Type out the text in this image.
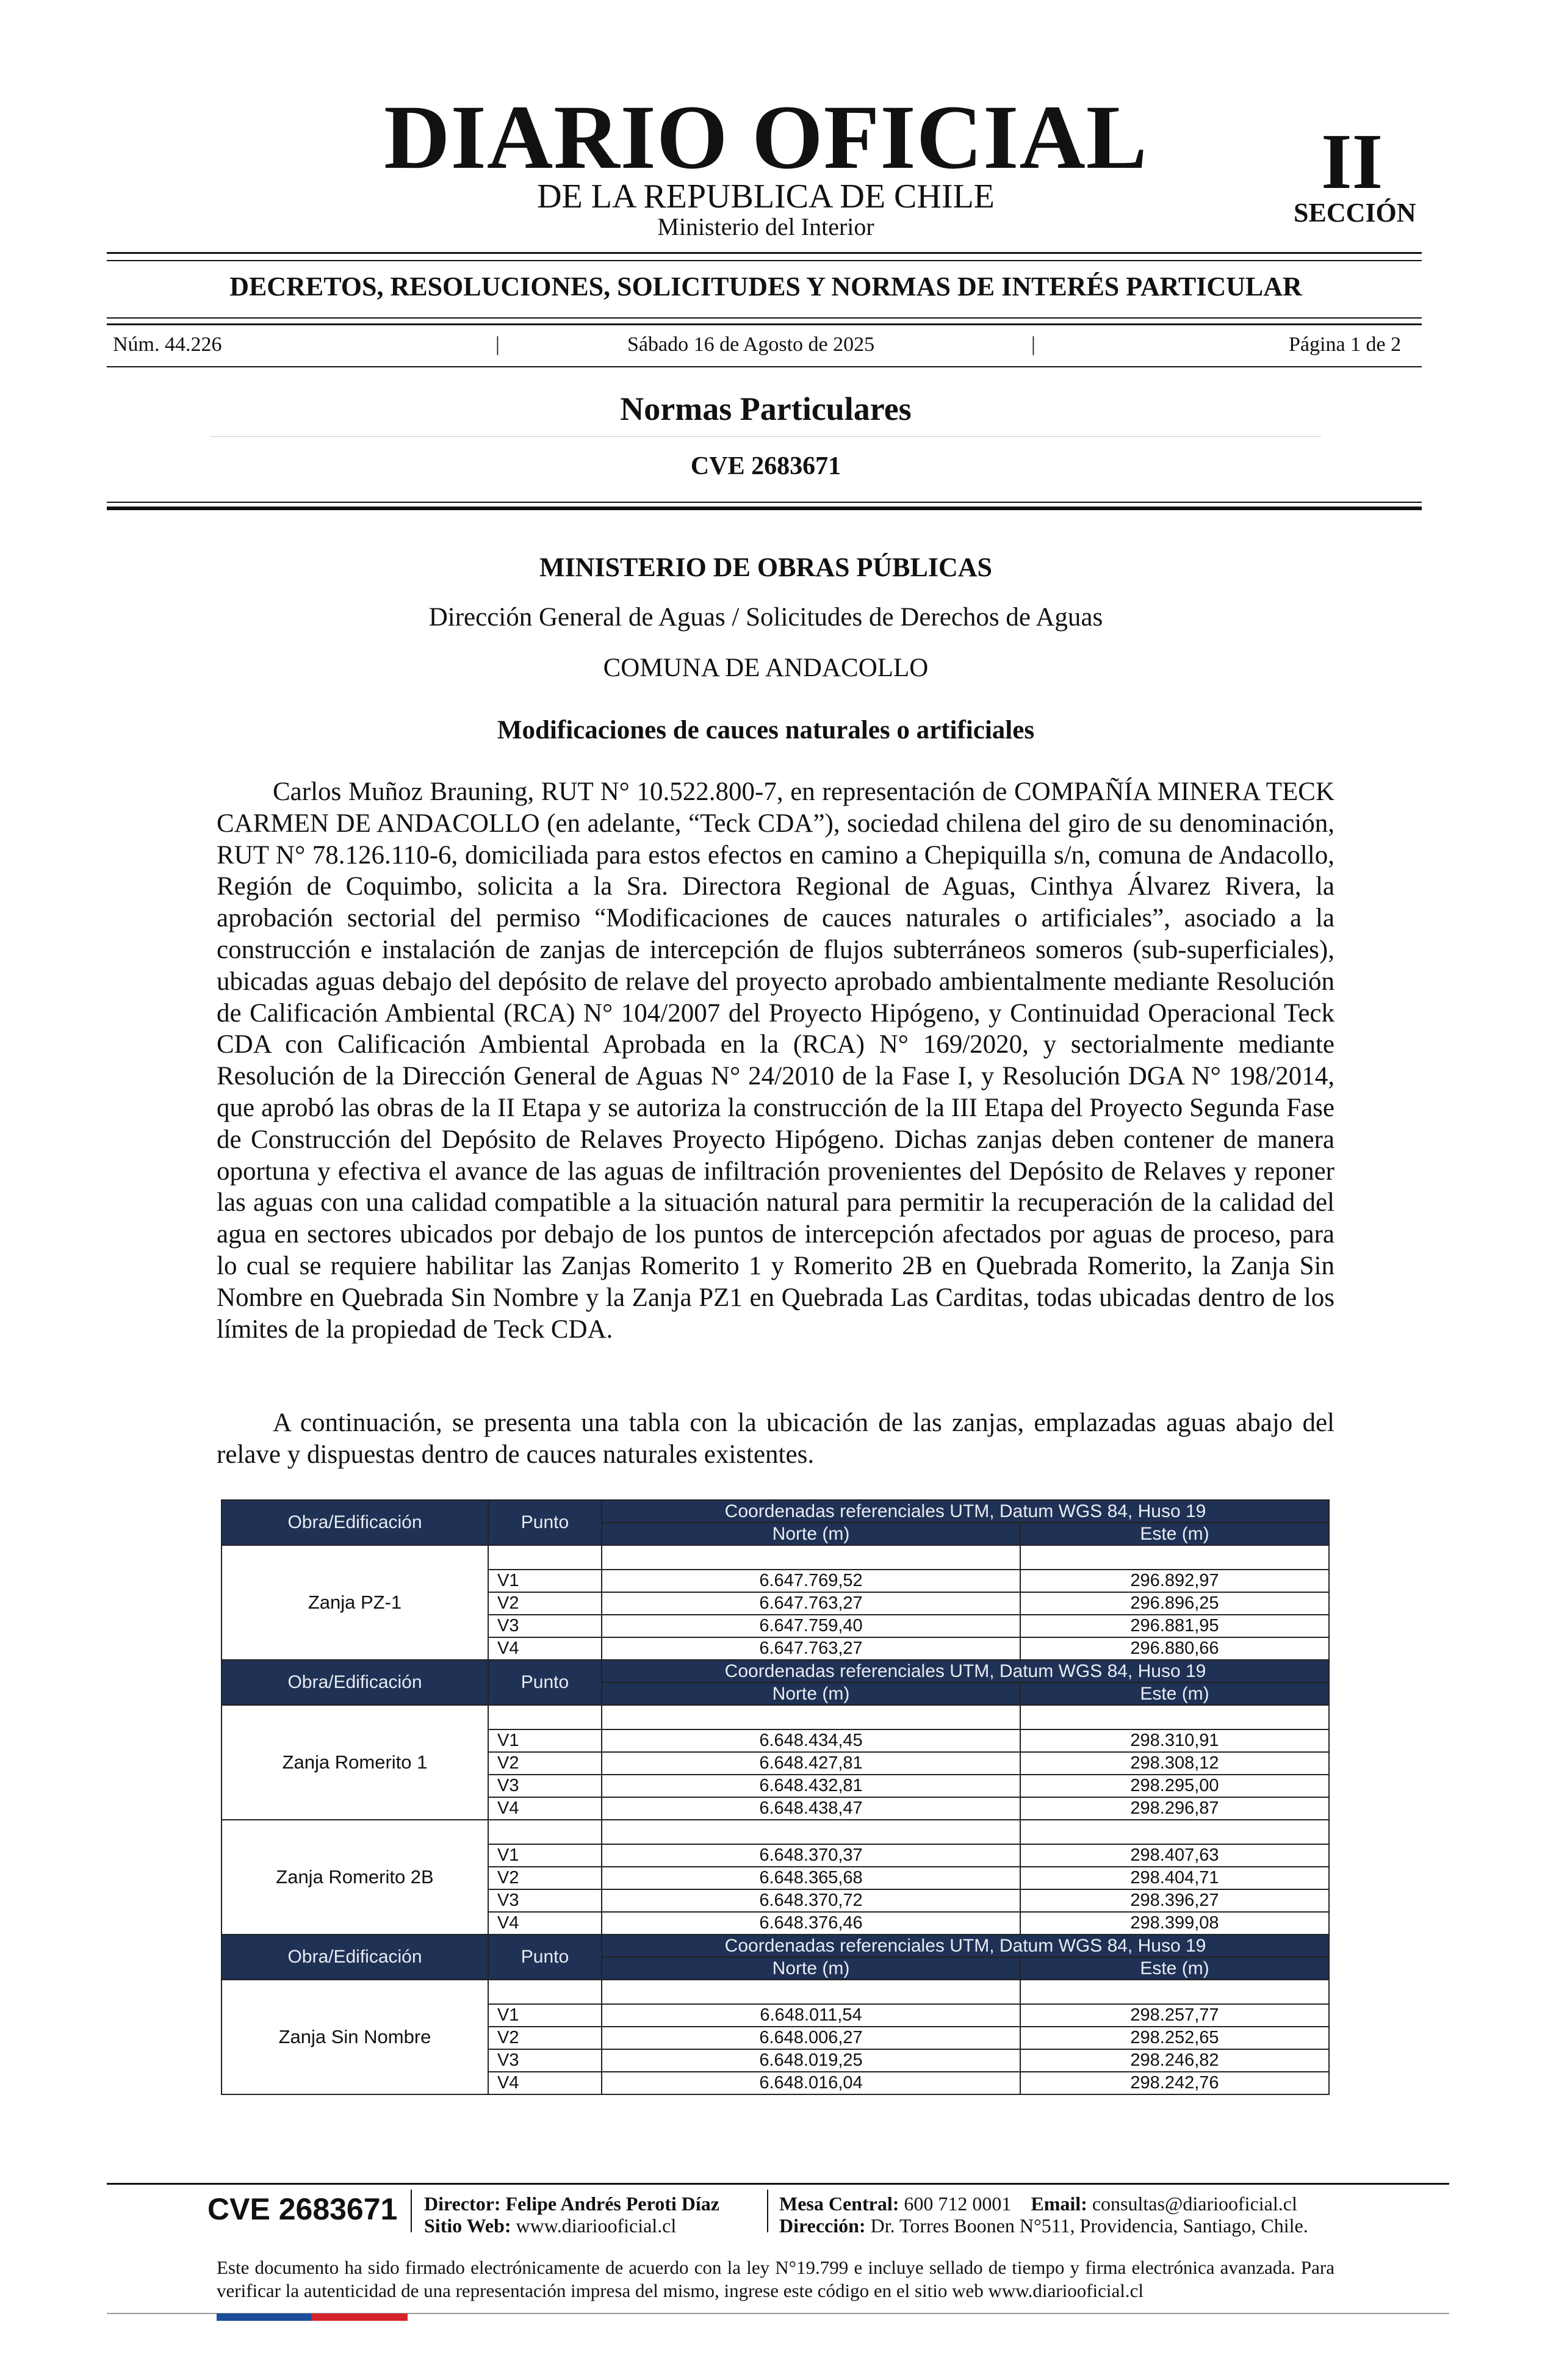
DIARIO OFICIAL
DE LA REPUBLICA DE CHILE
Ministerio del Interior
II
SECCIÓN
DECRETOS, RESOLUCIONES, SOLICITUDES Y NORMAS DE INTERÉS PARTICULAR
Núm. 44.226	|	Sábado 16 de Agosto de 2025	|	Página 1 de 2
Normas Particulares
CVE 2683671
MINISTERIO DE OBRAS PÚBLICAS
Dirección General de Aguas / Solicitudes de Derechos de Aguas
COMUNA DE ANDACOLLO
Modificaciones de cauces naturales o artificiales
Carlos Muñoz Brauning, RUT N° 10.522.800-7, en representación de COMPAÑÍA MINERA TECK CARMEN DE ANDACOLLO (en adelante, “Teck CDA”), sociedad chilena del giro de su denominación, RUT N° 78.126.110-6, domiciliada para estos efectos en camino a Chepiquilla s/n, comuna de Andacollo, Región de Coquimbo, solicita a la Sra. Directora Regional de Aguas, Cinthya Álvarez Rivera, la aprobación sectorial del permiso “Modificaciones de cauces naturales o artificiales”, asociado a la construcción e instalación de zanjas de intercepción de flujos subterráneos someros (sub-superficiales), ubicadas aguas debajo del depósito de relave del proyecto aprobado ambientalmente mediante Resolución de Calificación Ambiental (RCA) N° 104/2007 del Proyecto Hipógeno, y Continuidad Operacional Teck CDA con Calificación Ambiental Aprobada en la (RCA) N° 169/2020, y sectorialmente mediante Resolución de la Dirección General de Aguas N° 24/2010 de la Fase I, y Resolución DGA N° 198/2014, que aprobó las obras de la II Etapa y se autoriza la construcción de la III Etapa del Proyecto Segunda Fase de Construcción del Depósito de Relaves Proyecto Hipógeno. Dichas zanjas deben contener de manera oportuna y efectiva el avance de las aguas de infiltración provenientes del Depósito de Relaves y reponer las aguas con una calidad compatible a la situación natural para permitir la recuperación de la calidad del agua en sectores ubicados por debajo de los puntos de intercepción afectados por aguas de proceso, para lo cual se requiere habilitar las Zanjas Romerito 1 y Romerito 2B en Quebrada Romerito, la Zanja Sin Nombre en Quebrada Sin Nombre y la Zanja PZ1 en Quebrada Las Carditas, todas ubicadas dentro de los límites de la propiedad de Teck CDA.
A continuación, se presenta una tabla con la ubicación de las zanjas, emplazadas aguas abajo del relave y dispuestas dentro de cauces naturales existentes.
Obra/Edificación	Punto	Coordenadas referenciales UTM, Datum WGS 84, Huso 19	
		Norte (m)	Este (m)
Zanja PZ-1			
	V1	6.647.769,52	296.892,97
	V2	6.647.763,27	296.896,25
	V3	6.647.759,40	296.881,95
	V4	6.647.763,27	296.880,66
Obra/Edificación	Punto	Coordenadas referenciales UTM, Datum WGS 84, Huso 19	
		Norte (m)	Este (m)
Zanja Romerito 1			
	V1	6.648.434,45	298.310,91
	V2	6.648.427,81	298.308,12
	V3	6.648.432,81	298.295,00
	V4	6.648.438,47	298.296,87
Zanja Romerito 2B			
	V1	6.648.370,37	298.407,63
	V2	6.648.365,68	298.404,71
	V3	6.648.370,72	298.396,27
	V4	6.648.376,46	298.399,08
Obra/Edificación	Punto	Coordenadas referenciales UTM, Datum WGS 84, Huso 19	
		Norte (m)	Este (m)
Zanja Sin Nombre			
	V1	6.648.011,54	298.257,77
	V2	6.648.006,27	298.252,65
	V3	6.648.019,25	298.246,82
	V4	6.648.016,04	298.242,76
CVE 2683671 Director: Felipe Andrés Peroti Díaz
Sitio Web: www.diariooficial.cl
Mesa Central: 600 712 0001 Email: consultas@diariooficial.cl
Dirección: Dr. Torres Boonen N°511, Providencia, Santiago, Chile.
Este documento ha sido firmado electrónicamente de acuerdo con la ley N°19.799 e incluye sellado de tiempo y firma electrónica avanzada. Para verificar la autenticidad de una representación impresa del mismo, ingrese este código en el sitio web www.diariooficial.cl
